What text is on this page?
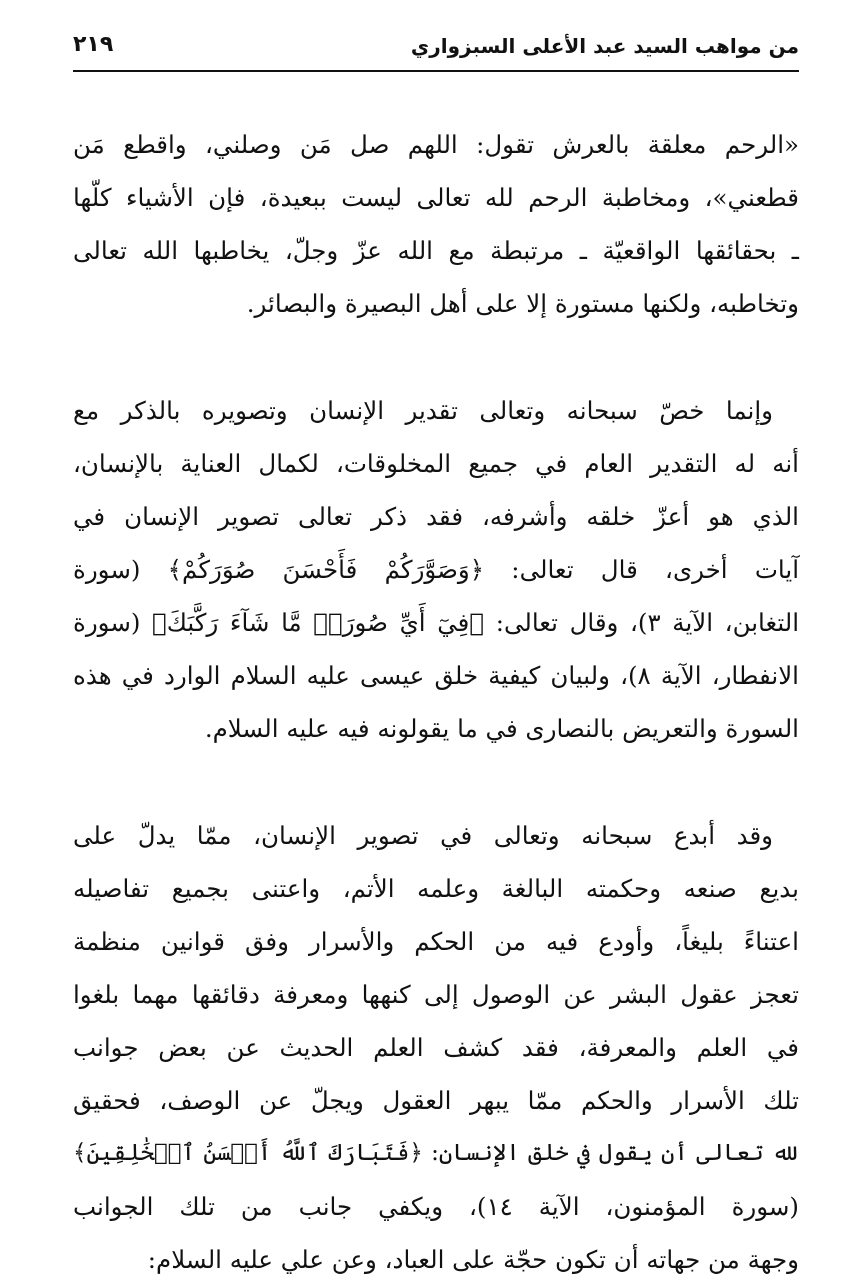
من مواهب السيد عبد الأعلى السبزواري
٢١٩

«الرحم معلقة بالعرش تقول: اللهم صل مَن وصلني، واقطع مَن
قطعني»، ومخاطبة الرحم لله تعالى ليست ببعيدة، فإن الأشياء كلّها
ـ بحقائقها الواقعيّة ـ مرتبطة مع الله عزّ وجلّ، يخاطبها الله تعالى
وتخاطبه، ولكنها مستورة إلا على أهل البصيرة والبصائر.

وإنما خصّ سبحانه وتعالى تقدير الإنسان وتصويره بالذكر مع
أنه له التقدير العام في جميع المخلوقات، لكمال العناية بالإنسان،
الذي هو أعزّ خلقه وأشرفه، فقد ذكر تعالى تصوير الإنسان في
آيات أخرى، قال تعالى: ﴿وَصَوَّرَكُمْ فَأَحْسَنَ صُوَرَكُمْ﴾ (سورة
التغابن، الآية ٣)، وقال تعالى: ﴿فِيٓ أَيِّ صُورَةٖ مَّا شَآءَ رَكَّبَكَ﴾ (سورة
الانفطار، الآية ٨)، ولبيان كيفية خلق عيسى عليه السلام الوارد في هذه
السورة والتعريض بالنصارى في ما يقولونه فيه عليه السلام.

وقد أبدع سبحانه وتعالى في تصوير الإنسان، ممّا يدلّ على
بديع صنعه وحكمته البالغة وعلمه الأتم، واعتنى بجميع تفاصيله
اعتناءً بليغاً، وأودع فيه من الحكم والأسرار وفق قوانين منظمة
تعجز عقول البشر عن الوصول إلى كنهها ومعرفة دقائقها مهما بلغوا
في العلم والمعرفة، فقد كشف العلم الحديث عن بعض جوانب
تلك الأسرار والحكم ممّا يبهر العقول ويجلّ عن الوصف، فحقيق
لله تعالى أن يقول في خلق الإنسان: ﴿فَتَبَارَكَ ٱللَّهُ أَحۡسَنُ ٱلۡخَٰلِقِينَ﴾
(سورة المؤمنون، الآية ١٤)، ويكفي جانب من تلك الجوانب
وجهة من جهاته أن تكون حجّة على العباد، وعن علي عليه السلام:
